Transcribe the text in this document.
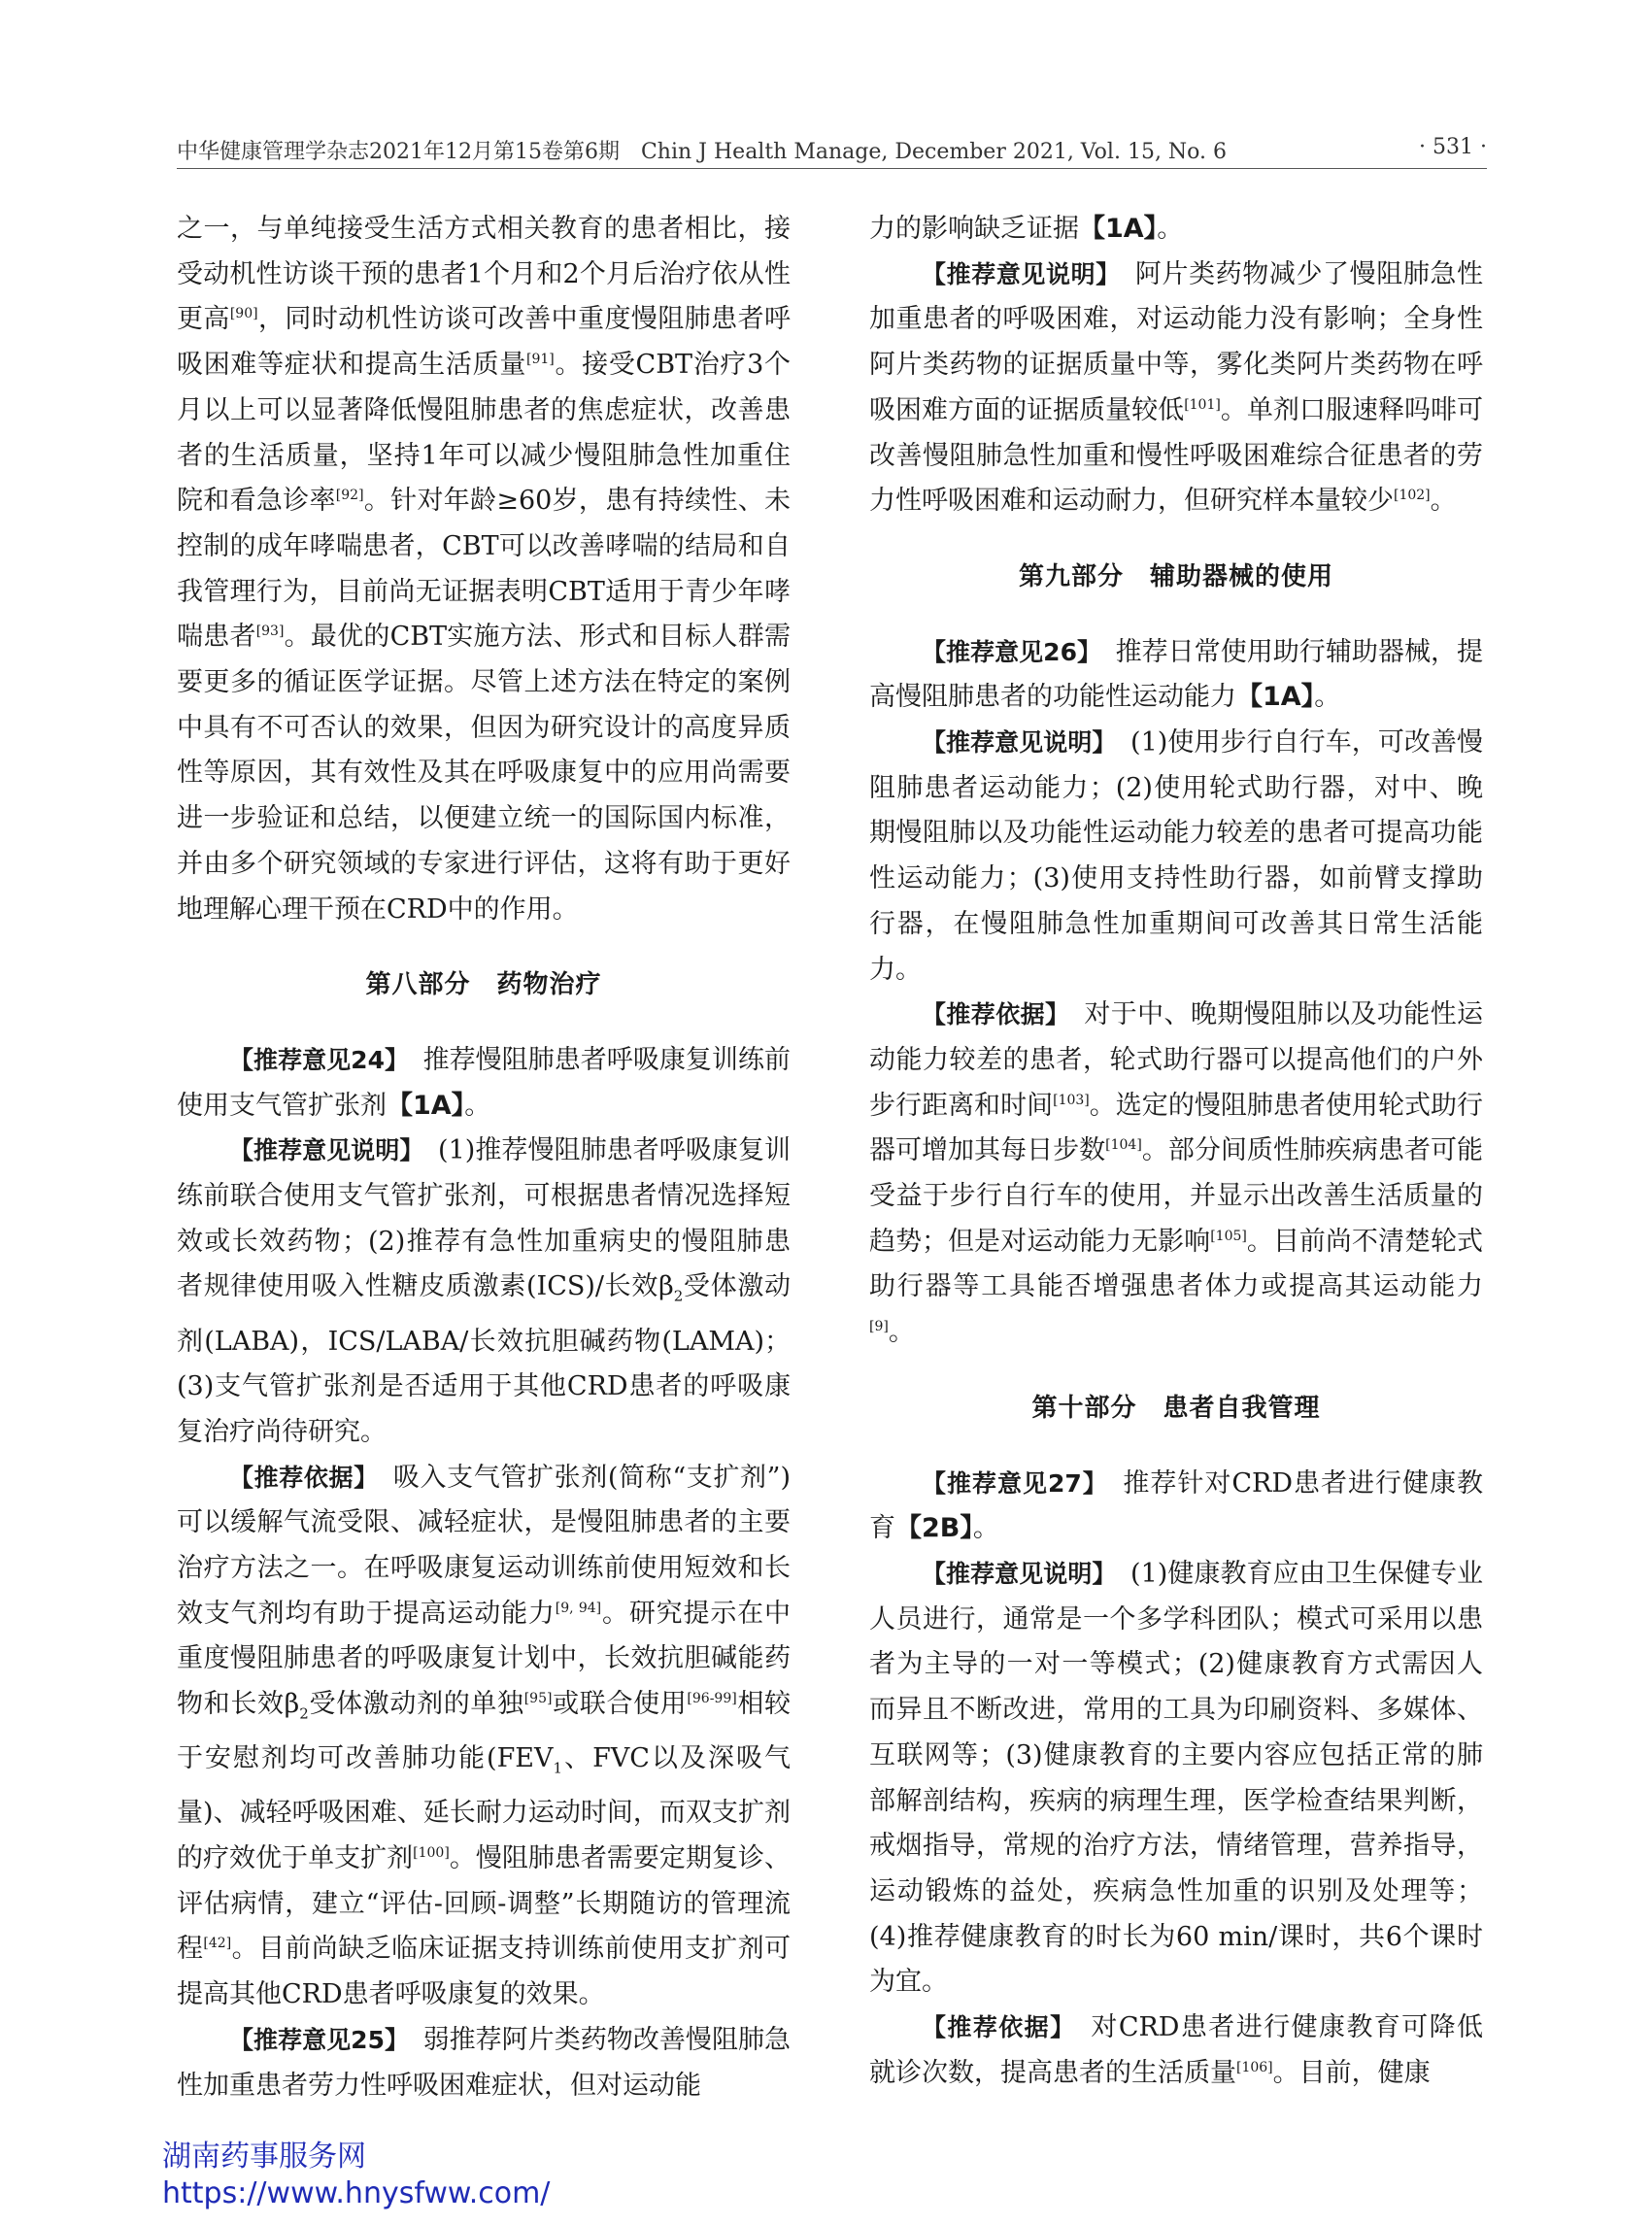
中华健康管理学杂志2021年12月第15卷第6期　Chin J Health Manage, December 2021, Vol. 15, No. 6	· 531 ·

之一，与单纯接受生活方式相关教育的患者相比，接受动机性访谈干预的患者1个月和2个月后治疗依从性更高[90]，同时动机性访谈可改善中重度慢阻肺患者呼吸困难等症状和提高生活质量[91]。接受CBT治疗3个月以上可以显著降低慢阻肺患者的焦虑症状，改善患者的生活质量，坚持1年可以减少慢阻肺急性加重住院和看急诊率[92]。针对年龄≥60岁，患有持续性、未控制的成年哮喘患者，CBT可以改善哮喘的结局和自我管理行为，目前尚无证据表明CBT适用于青少年哮喘患者[93]。最优的CBT实施方法、形式和目标人群需要更多的循证医学证据。尽管上述方法在特定的案例中具有不可否认的效果，但因为研究设计的高度异质性等原因，其有效性及其在呼吸康复中的应用尚需要进一步验证和总结，以便建立统一的国际国内标准，并由多个研究领域的专家进行评估，这将有助于更好地理解心理干预在CRD中的作用。

第八部分　药物治疗

【推荐意见24】　 推荐慢阻肺患者呼吸康复训练前使用支气管扩张剂【1A】。

【推荐意见说明】　 (1)推荐慢阻肺患者呼吸康复训练前联合使用支气管扩张剂，可根据患者情况选择短效或长效药物；(2)推荐有急性加重病史的慢阻肺患者规律使用吸入性糖皮质激素(ICS)/长效$\beta_2$受体激动剂(LABA)，ICS/LABA/长效抗胆碱药物(LAMA)；(3)支气管扩张剂是否适用于其他CRD患者的呼吸康复治疗尚待研究。

【推荐依据】　 吸入支气管扩张剂(简称“支扩剂”)可以缓解气流受限、减轻症状，是慢阻肺患者的主要治疗方法之一。在呼吸康复运动训练前使用短效和长效支气剂均有助于提高运动能力[9, 94]。研究提示在中重度慢阻肺患者的呼吸康复计划中，长效抗胆碱能药物和长效$\beta_2$受体激动剂的单独[95]或联合使用[96-99]相较于安慰剂均可改善肺功能($FEV_1$、FVC以及深吸气量)、减轻呼吸困难、延长耐力运动时间，而双支扩剂的疗效优于单支扩剂[100]。慢阻肺患者需要定期复诊、评估病情，建立“评估-回顾-调整”长期随访的管理流程[42]。目前尚缺乏临床证据支持训练前使用支扩剂可提高其他CRD患者呼吸康复的效果。

【推荐意见25】　 弱推荐阿片类药物改善慢阻肺急性加重患者劳力性呼吸困难症状，但对运动能

力的影响缺乏证据【1A】。

【推荐意见说明】　 阿片类药物减少了慢阻肺急性加重患者的呼吸困难，对运动能力没有影响；全身性阿片类药物的证据质量中等，雾化类阿片类药物在呼吸困难方面的证据质量较低[101]。单剂口服速释吗啡可改善慢阻肺急性加重和慢性呼吸困难综合征患者的劳力性呼吸困难和运动耐力，但研究样本量较少[102]。

第九部分　辅助器械的使用

【推荐意见26】　 推荐日常使用助行辅助器械，提高慢阻肺患者的功能性运动能力【1A】。

【推荐意见说明】　 (1)使用步行自行车，可改善慢阻肺患者运动能力；(2)使用轮式助行器，对中、晚期慢阻肺以及功能性运动能力较差的患者可提高功能性运动能力；(3)使用支持性助行器，如前臂支撑助行器，在慢阻肺急性加重期间可改善其日常生活能力。

【推荐依据】　 对于中、晚期慢阻肺以及功能性运动能力较差的患者，轮式助行器可以提高他们的户外步行距离和时间[103]。选定的慢阻肺患者使用轮式助行器可增加其每日步数[104]。部分间质性肺疾病患者可能受益于步行自行车的使用，并显示出改善生活质量的趋势；但是对运动能力无影响[105]。目前尚不清楚轮式助行器等工具能否增强患者体力或提高其运动能力[9]。

第十部分　患者自我管理

【推荐意见27】　 推荐针对CRD患者进行健康教育【2B】。

【推荐意见说明】　 (1)健康教育应由卫生保健专业人员进行，通常是一个多学科团队；模式可采用以患者为主导的一对一等模式；(2)健康教育方式需因人而异且不断改进，常用的工具为印刷资料、多媒体、互联网等；(3)健康教育的主要内容应包括正常的肺部解剖结构，疾病的病理生理，医学检查结果判断，戒烟指导，常规的治疗方法，情绪管理，营养指导，运动锻炼的益处，疾病急性加重的识别及处理等；(4)推荐健康教育的时长为60 min/课时，共6个课时为宜。

【推荐依据】　 对CRD患者进行健康教育可降低就诊次数，提高患者的生活质量[106]。目前，健康

湖南药事服务网
https://www.hnysfww.com/
